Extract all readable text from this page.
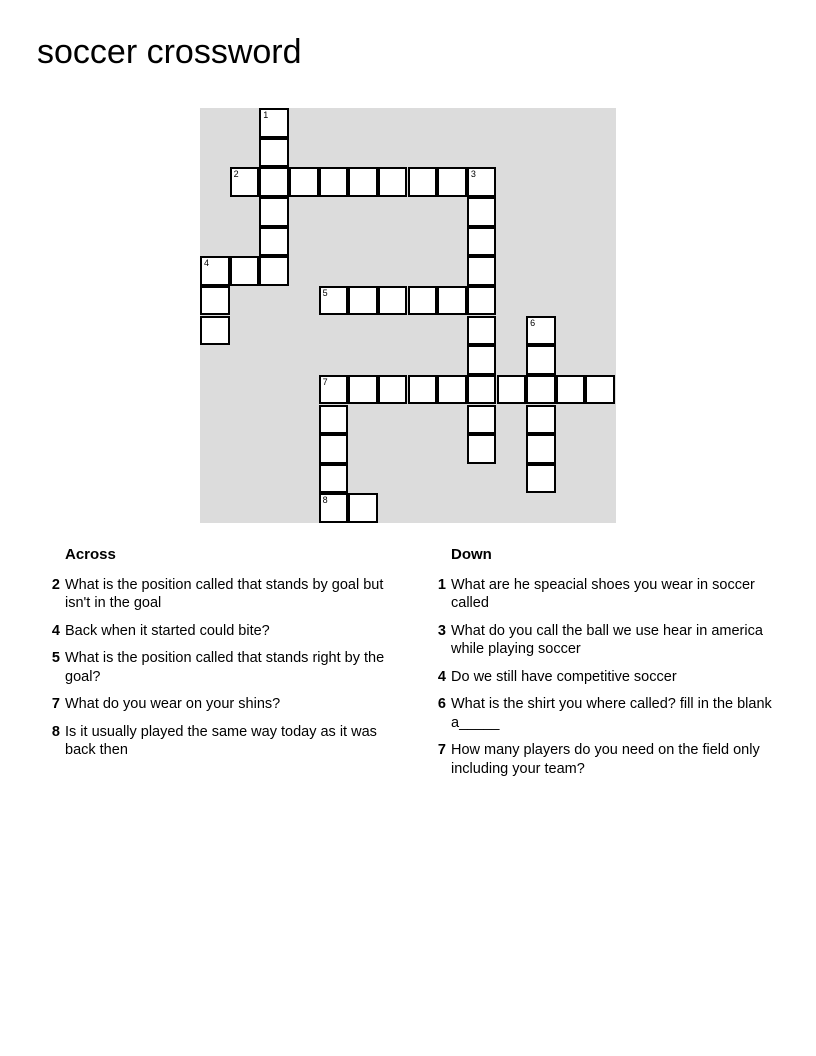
soccer crossword
1
2	3
4
5
6
7
8
Across
2 What is the position called that stands by goal but isn't in the goal
4 Back when it started could bite?
5 What is the position called that stands right by the goal?
7 What do you wear on your shins?
8 Is it usually played the same way today as it was back then
Down
1 What are he speacial shoes you wear in soccer called
3 What do you call the ball we use hear in america while playing soccer
4 Do we still have competitive soccer
6 What is the shirt you where called? fill in the blank a_____
7 How many players do you need on the field only including your team?
